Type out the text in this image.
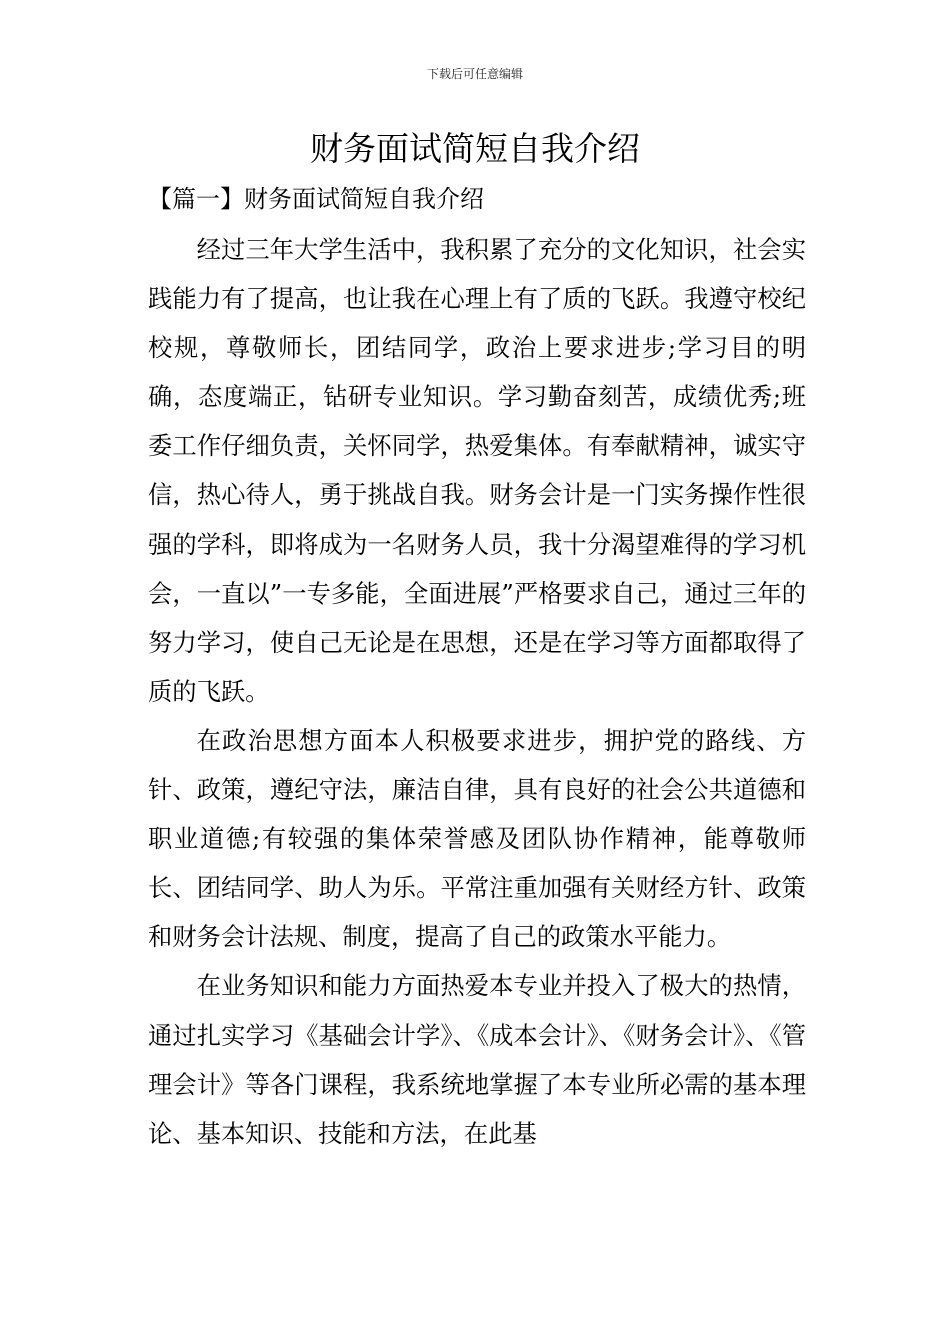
下载后可任意编辑
财务面试简短自我介绍
【篇一】财务面试简短自我介绍

经过三年大学生活中，我积累了充分的文化知识，社会实践能力有了提高，也让我在心理上有了质的飞跃。我遵守校纪校规，尊敬师长，团结同学，政治上要求进步;学习目的明确，态度端正，钻研专业知识。学习勤奋刻苦，成绩优秀;班委工作仔细负责，关怀同学，热爱集体。有奉献精神，诚实守信，热心待人，勇于挑战自我。财务会计是一门实务操作性很强的学科，即将成为一名财务人员，我十分渴望难得的学习机会，一直以”一专多能，全面进展”严格要求自己，通过三年的努力学习，使自己无论是在思想，还是在学习等方面都取得了质的飞跃。

在政治思想方面本人积极要求进步，拥护党的路线、方针、政策，遵纪守法，廉洁自律，具有良好的社会公共道德和职业道德;有较强的集体荣誉感及团队协作精神，能尊敬师长、团结同学、助人为乐。平常注重加强有关财经方针、政策和财务会计法规、制度，提高了自己的政策水平能力。

在业务知识和能力方面热爱本专业并投入了极大的热情，通过扎实学习《基础会计学》、《成本会计》、《财务会计》、《管理会计》等各门课程，我系统地掌握了本专业所必需的基本理论、基本知识、技能和方法，在此基
